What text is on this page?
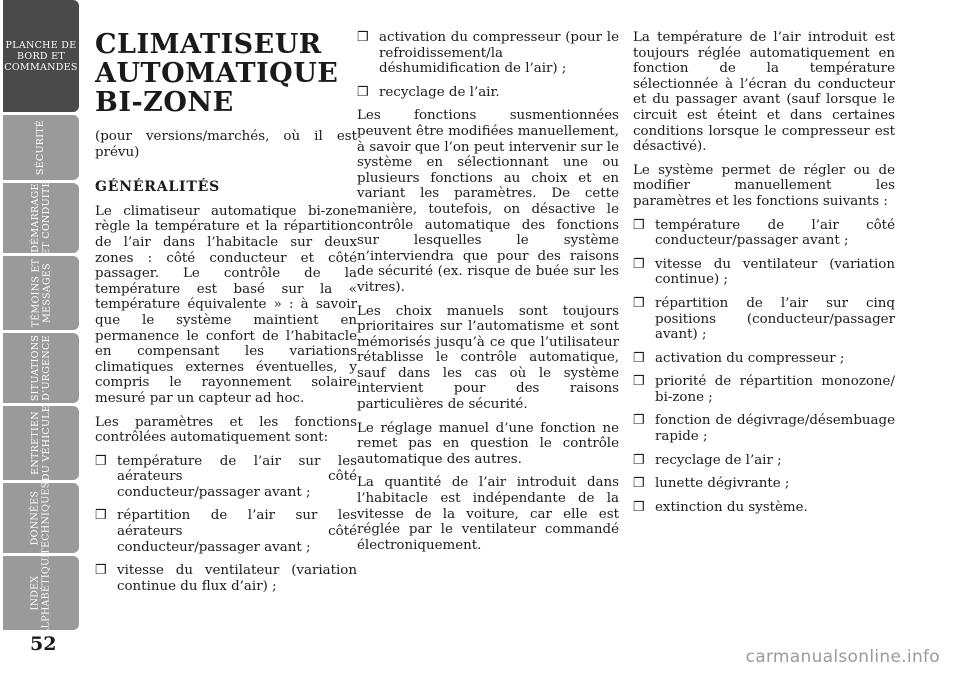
PLANCHE DE
BORD ET
COMMANDES
SÉCURITÉ
DÉMARRAGE
ET CONDUITE
TÉMOINS ET
MESSAGES
SITUATIONS
D’URGENCE
ENTRETIEN
DU VÉHICULE
DONNÉES
TECHNIQUES
INDEX
ALPHABÉTIQUE
52
CLIMATISEUR AUTOMATIQUE BI-ZONE

(pour versions/marchés, où il est prévu)

GÉNÉRALITÉS

Le climatiseur automatique bi-zone règle la température et la répartition de l’air dans l’habitacle sur deux zones : côté conducteur et côté passager. Le contrôle de la température est basé sur la « température équivalente » : à savoir que le système maintient en permanence le confort de l’habitacle en compensant les variations climatiques externes éventuelles, y compris le rayonnement solaire mesuré par un capteur ad hoc.

Les paramètres et les fonctions contrôlées automatiquement sont:

❒ température de l’air sur les aérateurs côté conducteur/passager avant ;
❒ répartition de l’air sur les aérateurs côté conducteur/passager avant ;
❒ vitesse du ventilateur (variation continue du flux d’air) ;
❒ activation du compresseur (pour le refroidissement/la déshumidification de l’air) ;
❒ recyclage de l’air.

Les fonctions susmentionnées peuvent être modifiées manuellement, à savoir que l’on peut intervenir sur le système en sélectionnant une ou plusieurs fonctions au choix et en variant les paramètres. De cette manière, toutefois, on désactive le contrôle automatique des fonctions sur lesquelles le système n’interviendra que pour des raisons de sécurité (ex. risque de buée sur les vitres).

Les choix manuels sont toujours prioritaires sur l’automatisme et sont mémorisés jusqu’à ce que l’utilisateur rétablisse le contrôle automatique, sauf dans les cas où le système intervient pour des raisons particulières de sécurité.

Le réglage manuel d’une fonction ne remet pas en question le contrôle automatique des autres.

La quantité de l’air introduit dans l’habitacle est indépendante de la vitesse de la voiture, car elle est réglée par le ventilateur commandé électroniquement.

La température de l’air introduit est toujours réglée automatiquement en fonction de la température sélectionnée à l’écran du conducteur et du passager avant (sauf lorsque le circuit est éteint et dans certaines conditions lorsque le compresseur est désactivé).

Le système permet de régler ou de modifier manuellement les paramètres et les fonctions suivants :

❒ température de l’air côté conducteur/passager avant ;
❒ vitesse du ventilateur (variation continue) ;
❒ répartition de l’air sur cinq positions (conducteur/passager avant) ;
❒ activation du compresseur ;
❒ priorité de répartition monozone/ bi-zone ;
❒ fonction de dégivrage/désembuage rapide ;
❒ recyclage de l’air ;
❒ lunette dégivrante ;
❒ extinction du système.
carmanualsonline.info
